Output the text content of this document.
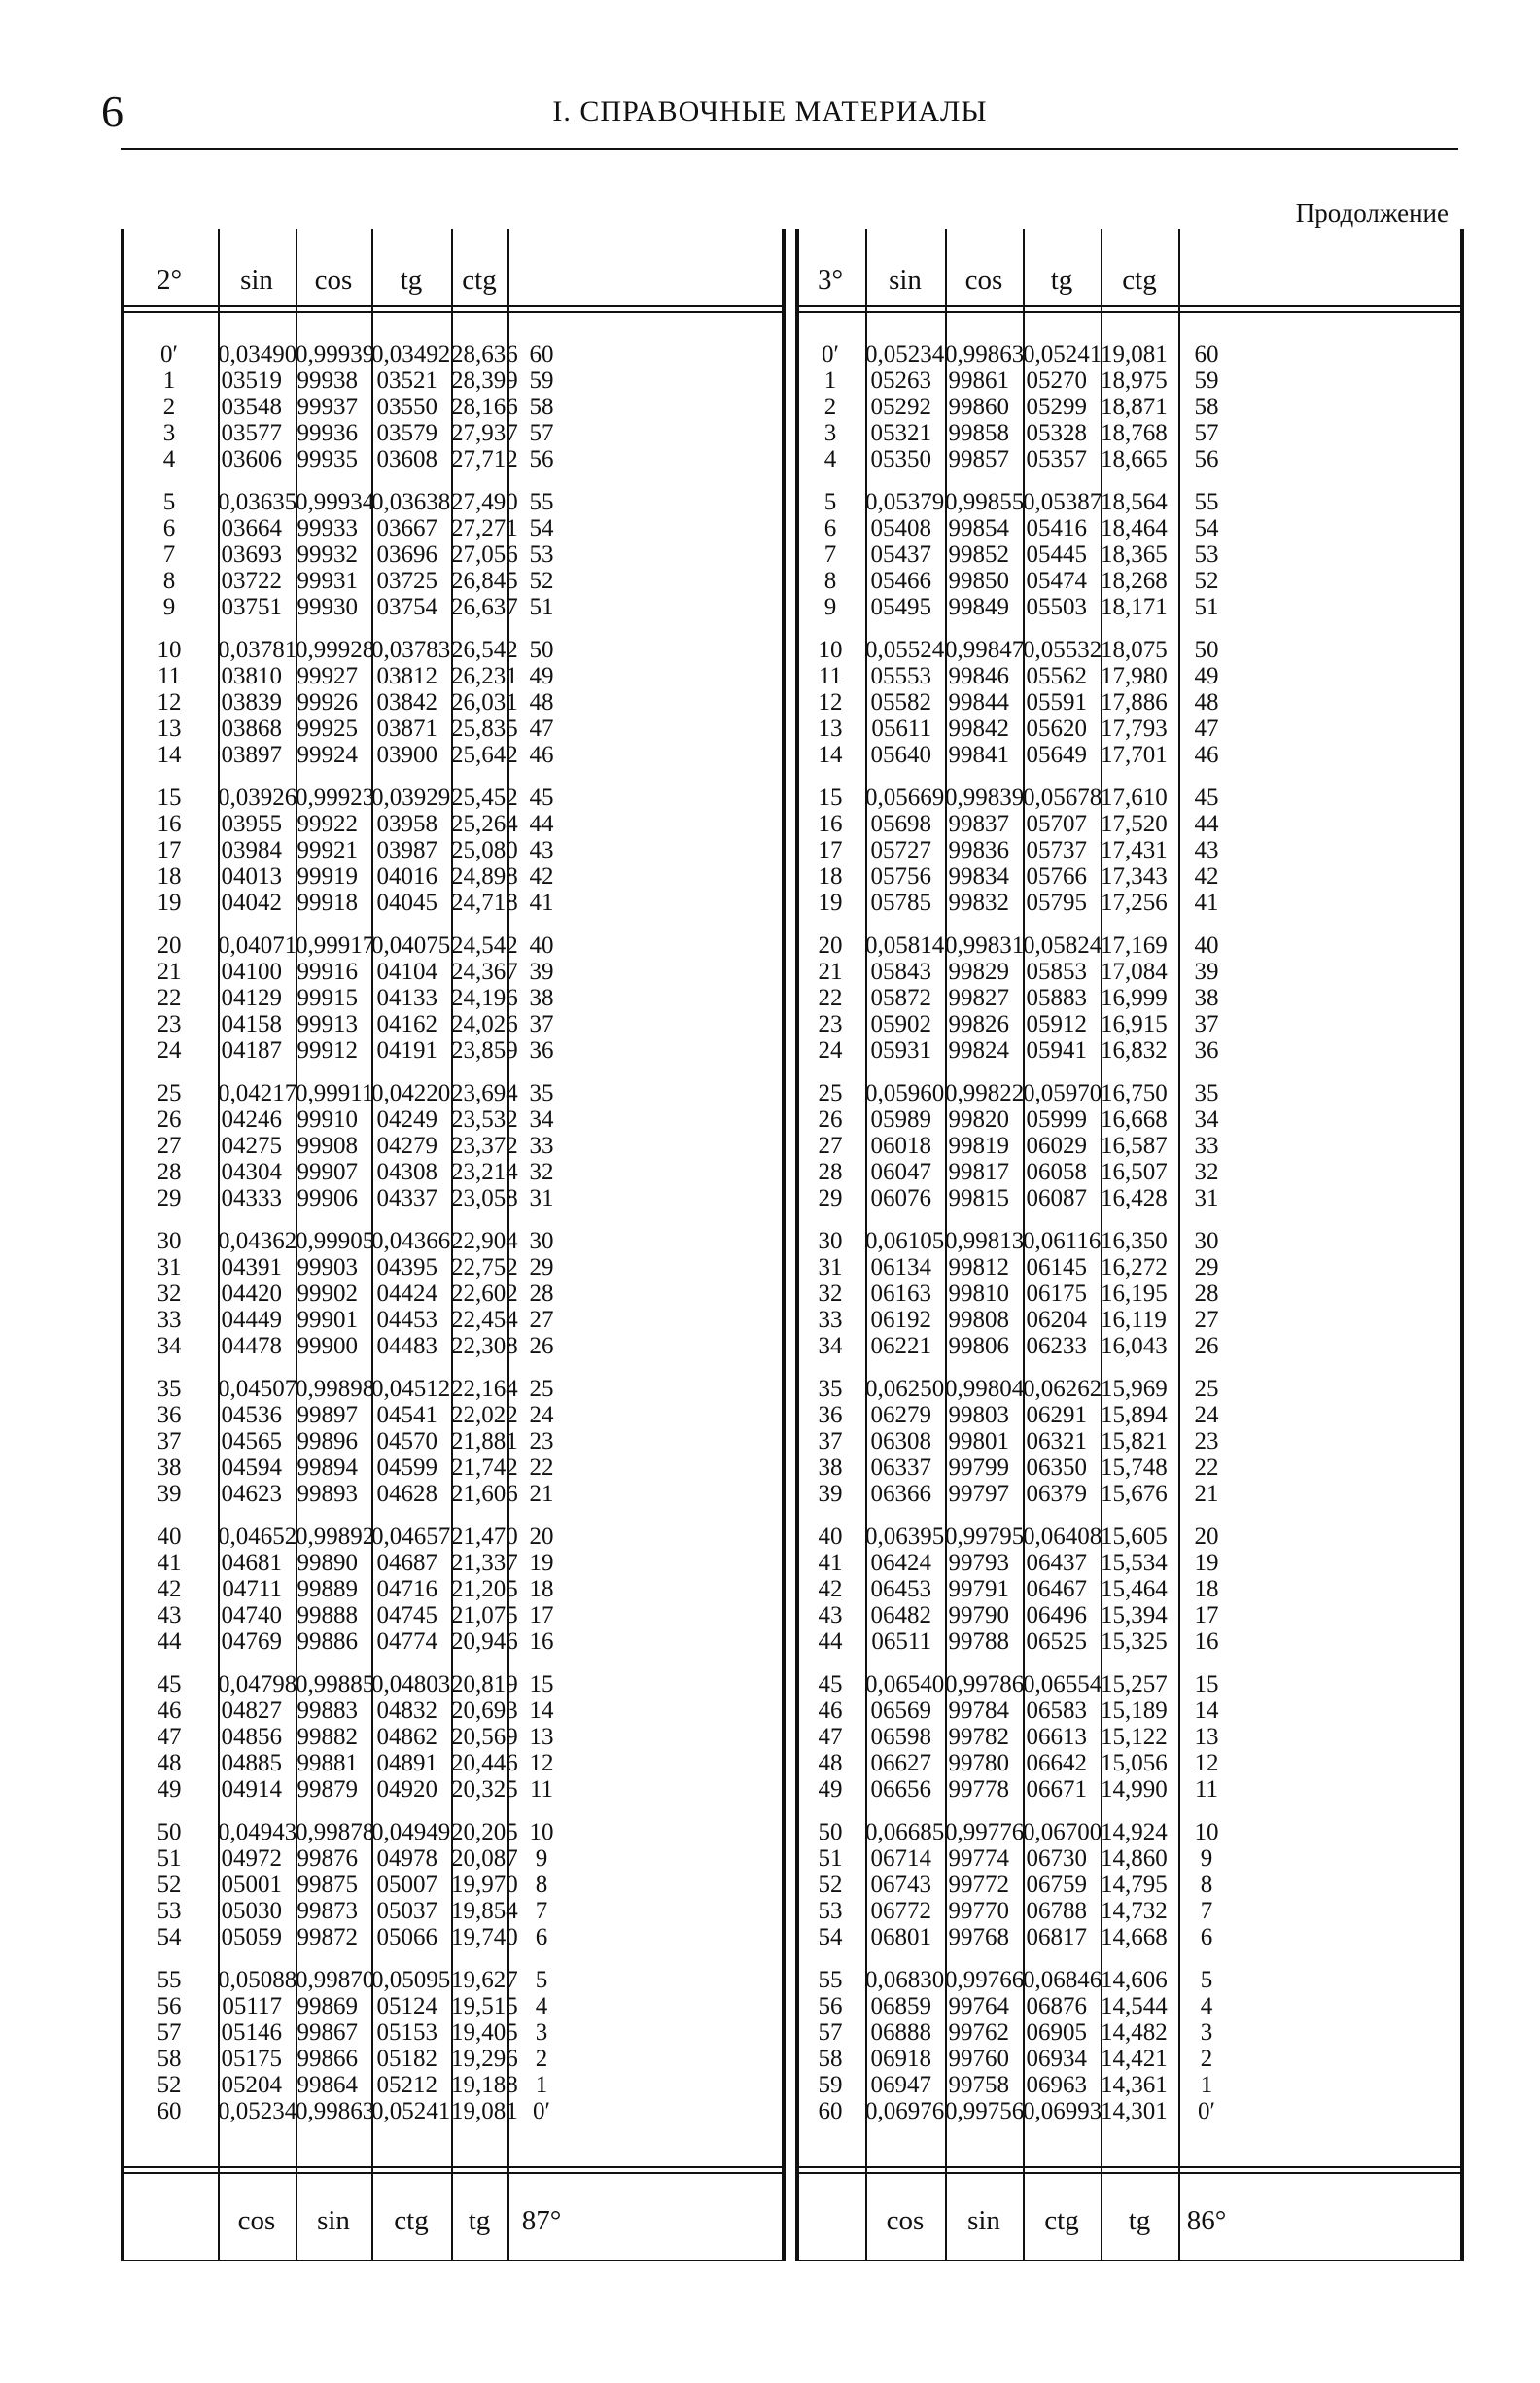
6	I. СПРАВОЧНЫЕ МАТЕРИАЛЫ
Продолжение
2°
0′
1
2
3
4
5
6
7
8
9
10
11
12
13
14
15
16
17
18
19
20
21
22
23
24
25
26
27
28
29
30
31
32
33
34
35
36
37
38
39
40
41
42
43
44
45
46
47
48
49
50
51
52
53
54
55
56
57
58
52
60
sin
cos
0,03490
03519
03548
03577
03606
0,03635
03664
03693
03722
03751
0,03781
03810
03839
03868
03897
0,03926
03955
03984
04013
04042
0,04071
04100
04129
04158
04187
0,04217
04246
04275
04304
04333
0,04362
04391
04420
04449
04478
0,04507
04536
04565
04594
04623
0,04652
04681
04711
04740
04769
0,04798
04827
04856
04885
04914
0,04943
04972
05001
05030
05059
0,05088
05117
05146
05175
05204
0,05234
cos
sin
0,99939
99938
99937
99936
99935
0,99934
99933
99932
99931
99930
0,99928
99927
99926
99925
99924
0,99923
99922
99921
99919
99918
0,99917
99916
99915
99913
99912
0,99911
99910
99908
99907
99906
0,99905
99903
99902
99901
99900
0,99898
99897
99896
99894
99893
0,99892
99890
99889
99888
99886
0,99885
99883
99882
99881
99879
0,99878
99876
99875
99873
99872
0,99870
99869
99867
99866
99864
0,99863
tg
ctg
0,03492
03521
03550
03579
03608
0,03638
03667
03696
03725
03754
0,03783
03812
03842
03871
03900
0,03929
03958
03987
04016
04045
0,04075
04104
04133
04162
04191
0,04220
04249
04279
04308
04337
0,04366
04395
04424
04453
04483
0,04512
04541
04570
04599
04628
0,04657
04687
04716
04745
04774
0,04803
04832
04862
04891
04920
0,04949
04978
05007
05037
05066
0,05095
05124
05153
05182
05212
0,05241
ctg
tg
28,636
28,399
28,166
27,937
27,712
27,490
27,271
27,056
26,845
26,637
26,542
26,231
26,031
25,835
25,642
25,452
25,264
25,080
24,898
24,718
24,542
24,367
24,196
24,026
23,859
23,694
23,532
23,372
23,214
23,058
22,904
22,752
22,602
22,454
22,308
22,164
22,022
21,881
21,742
21,606
21,470
21,337
21,205
21,075
20,946
20,819
20,693
20,569
20,446
20,325
20,205
20,087
19,970
19,854
19,740
19,627
19,515
19,405
19,296
19,188
19,081
87°
60
59
58
57
56
55
54
53
52
51
50
49
48
47
46
45
44
43
42
41
40
39
38
37
36
35
34
33
32
31
30
29
28
27
26
25
24
23
22
21
20
19
18
17
16
15
14
13
12
11
10
9
8
7
6
5
4
3
2
1
0′
3°
0′
1
2
3
4
5
6
7
8
9
10
11
12
13
14
15
16
17
18
19
20
21
22
23
24
25
26
27
28
29
30
31
32
33
34
35
36
37
38
39
40
41
42
43
44
45
46
47
48
49
50
51
52
53
54
55
56
57
58
59
60
sin
cos
0,05234
05263
05292
05321
05350
0,05379
05408
05437
05466
05495
0,05524
05553
05582
05611
05640
0,05669
05698
05727
05756
05785
0,05814
05843
05872
05902
05931
0,05960
05989
06018
06047
06076
0,06105
06134
06163
06192
06221
0,06250
06279
06308
06337
06366
0,06395
06424
06453
06482
06511
0,06540
06569
06598
06627
06656
0,06685
06714
06743
06772
06801
0,06830
06859
06888
06918
06947
0,06976
cos
sin
0,99863
99861
99860
99858
99857
0,99855
99854
99852
99850
99849
0,99847
99846
99844
99842
99841
0,99839
99837
99836
99834
99832
0,99831
99829
99827
99826
99824
0,99822
99820
99819
99817
99815
0,99813
99812
99810
99808
99806
0,99804
99803
99801
99799
99797
0,99795
99793
99791
99790
99788
0,99786
99784
99782
99780
99778
0,99776
99774
99772
99770
99768
0,99766
99764
99762
99760
99758
0,99756
tg
ctg
0,05241
05270
05299
05328
05357
0,05387
05416
05445
05474
05503
0,05532
05562
05591
05620
05649
0,05678
05707
05737
05766
05795
0,05824
05853
05883
05912
05941
0,05970
05999
06029
06058
06087
0,06116
06145
06175
06204
06233
0,06262
06291
06321
06350
06379
0,06408
06437
06467
06496
06525
0,06554
06583
06613
06642
06671
0,06700
06730
06759
06788
06817
0,06846
06876
06905
06934
06963
0,06993
ctg
tg
19,081
18,975
18,871
18,768
18,665
18,564
18,464
18,365
18,268
18,171
18,075
17,980
17,886
17,793
17,701
17,610
17,520
17,431
17,343
17,256
17,169
17,084
16,999
16,915
16,832
16,750
16,668
16,587
16,507
16,428
16,350
16,272
16,195
16,119
16,043
15,969
15,894
15,821
15,748
15,676
15,605
15,534
15,464
15,394
15,325
15,257
15,189
15,122
15,056
14,990
14,924
14,860
14,795
14,732
14,668
14,606
14,544
14,482
14,421
14,361
14,301
86°
60
59
58
57
56
55
54
53
52
51
50
49
48
47
46
45
44
43
42
41
40
39
38
37
36
35
34
33
32
31
30
29
28
27
26
25
24
23
22
21
20
19
18
17
16
15
14
13
12
11
10
9
8
7
6
5
4
3
2
1
0′
